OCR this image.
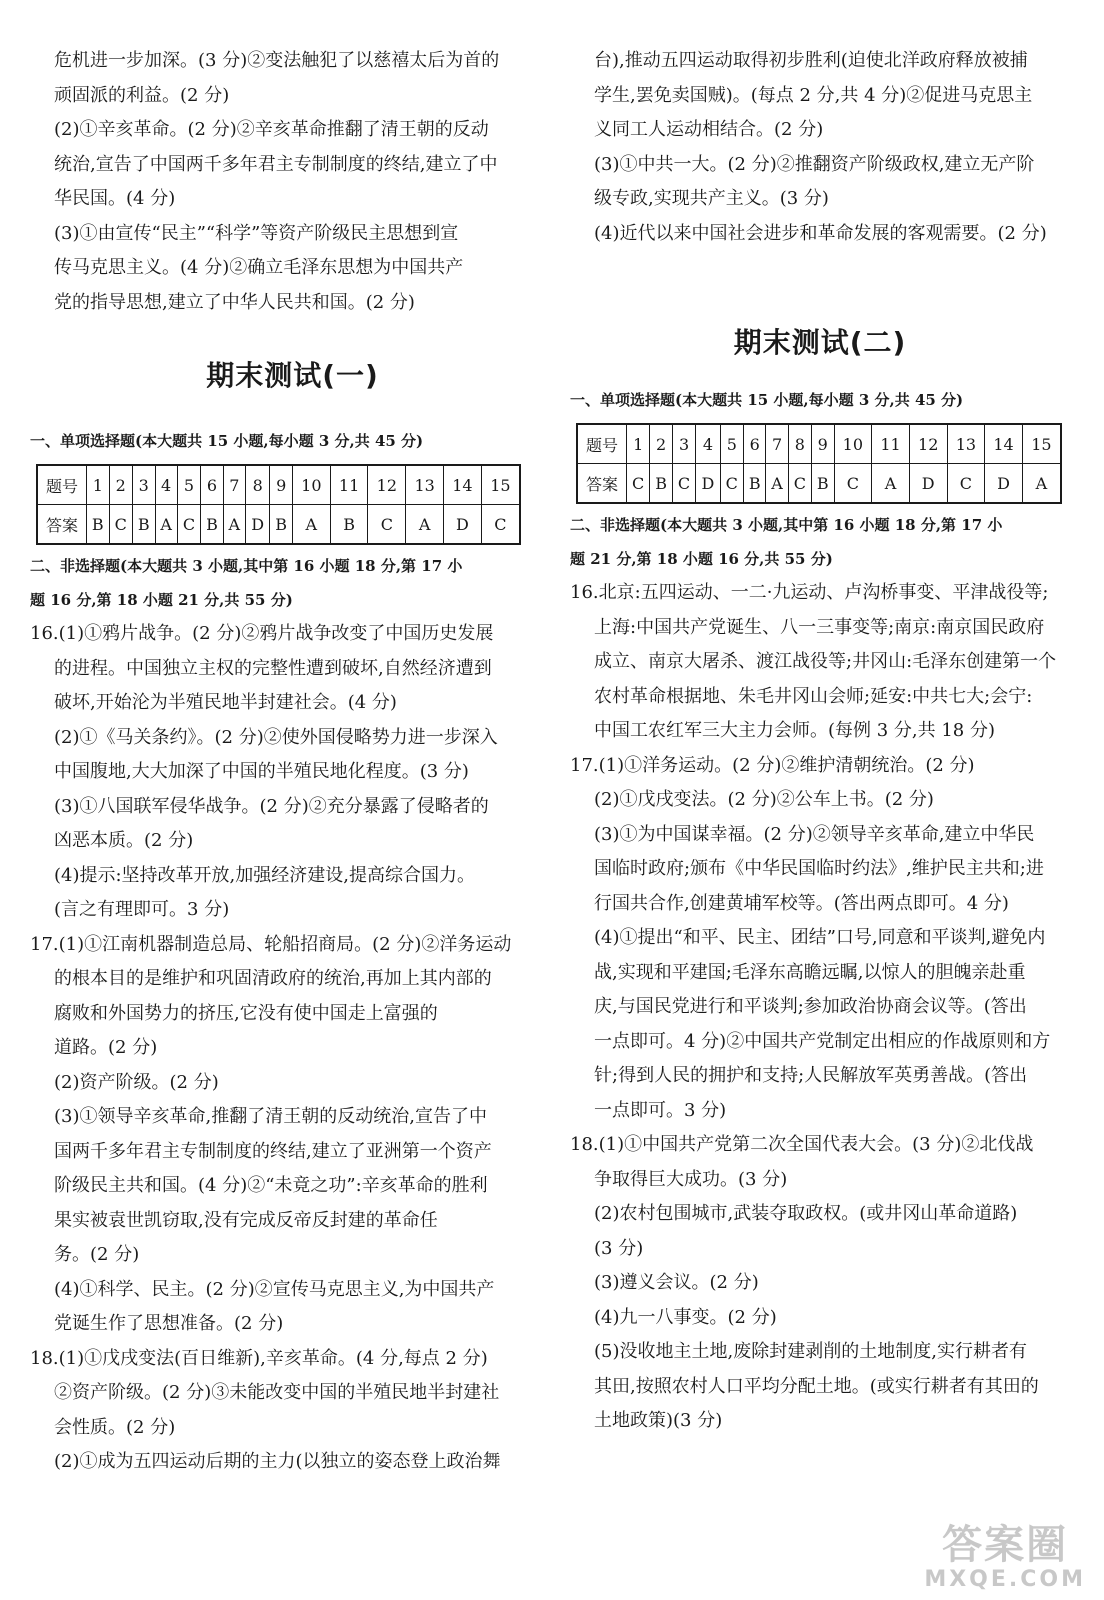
危机进一步加深。(3 分)②变法触犯了以慈禧太后为首的

顽固派的利益。(2 分)

(2)①辛亥革命。(2 分)②辛亥革命推翻了清王朝的反动

统治,宣告了中国两千多年君主专制制度的终结,建立了中

华民国。(4 分)

(3)①由宣传“民主”“科学”等资产阶级民主思想到宣

传马克思主义。(4 分)②确立毛泽东思想为中国共产

党的指导思想,建立了中华人民共和国。(2 分)

期末测试(一)

一、单项选择题(本大题共 15 小题,每小题 3 分,共 45 分)

题号	1	2	3	4	5	6	7	8	9	10	11	12	13	14	15
答案	B	C	B	A	C	B	A	D	B	A	B	C	A	D	C

二、非选择题(本大题共 3 小题,其中第 16 小题 18 分,第 17 小

题 16 分,第 18 小题 21 分,共 55 分)

16.(1)①鸦片战争。(2 分)②鸦片战争改变了中国历史发展

的进程。中国独立主权的完整性遭到破坏,自然经济遭到

破坏,开始沦为半殖民地半封建社会。(4 分)

(2)①《马关条约》。(2 分)②使外国侵略势力进一步深入

中国腹地,大大加深了中国的半殖民地化程度。(3 分)

(3)①八国联军侵华战争。(2 分)②充分暴露了侵略者的

凶恶本质。(2 分)

(4)提示:坚持改革开放,加强经济建设,提高综合国力。

(言之有理即可。3 分)

17.(1)①江南机器制造总局、轮船招商局。(2 分)②洋务运动

的根本目的是维护和巩固清政府的统治,再加上其内部的

腐败和外国势力的挤压,它没有使中国走上富强的

道路。(2 分)

(2)资产阶级。(2 分)

(3)①领导辛亥革命,推翻了清王朝的反动统治,宣告了中

国两千多年君主专制制度的终结,建立了亚洲第一个资产

阶级民主共和国。(4 分)②“未竟之功”:辛亥革命的胜利

果实被袁世凯窃取,没有完成反帝反封建的革命任

务。(2 分)

(4)①科学、民主。(2 分)②宣传马克思主义,为中国共产

党诞生作了思想准备。(2 分)

18.(1)①戊戌变法(百日维新),辛亥革命。(4 分,每点 2 分)

②资产阶级。(2 分)③未能改变中国的半殖民地半封建社

会性质。(2 分)

(2)①成为五四运动后期的主力(以独立的姿态登上政治舞

台),推动五四运动取得初步胜利(迫使北洋政府释放被捕

学生,罢免卖国贼)。(每点 2 分,共 4 分)②促进马克思主

义同工人运动相结合。(2 分)

(3)①中共一大。(2 分)②推翻资产阶级政权,建立无产阶

级专政,实现共产主义。(3 分)

(4)近代以来中国社会进步和革命发展的客观需要。(2 分)

期末测试(二)

一、单项选择题(本大题共 15 小题,每小题 3 分,共 45 分)

题号	1	2	3	4	5	6	7	8	9	10	11	12	13	14	15
答案	C	B	C	D	C	B	A	C	B	C	A	D	C	D	A

二、非选择题(本大题共 3 小题,其中第 16 小题 18 分,第 17 小

题 21 分,第 18 小题 16 分,共 55 分)

16.北京:五四运动、一二·九运动、卢沟桥事变、平津战役等;

上海:中国共产党诞生、八一三事变等;南京:南京国民政府

成立、南京大屠杀、渡江战役等;井冈山:毛泽东创建第一个

农村革命根据地、朱毛井冈山会师;延安:中共七大;会宁:

中国工农红军三大主力会师。(每例 3 分,共 18 分)

17.(1)①洋务运动。(2 分)②维护清朝统治。(2 分)

(2)①戊戌变法。(2 分)②公车上书。(2 分)

(3)①为中国谋幸福。(2 分)②领导辛亥革命,建立中华民

国临时政府;颁布《中华民国临时约法》,维护民主共和;进

行国共合作,创建黄埔军校等。(答出两点即可。4 分)

(4)①提出“和平、民主、团结”口号,同意和平谈判,避免内

战,实现和平建国;毛泽东高瞻远瞩,以惊人的胆魄亲赴重

庆,与国民党进行和平谈判;参加政治协商会议等。(答出

一点即可。4 分)②中国共产党制定出相应的作战原则和方

针;得到人民的拥护和支持;人民解放军英勇善战。(答出

一点即可。3 分)

18.(1)①中国共产党第二次全国代表大会。(3 分)②北伐战

争取得巨大成功。(3 分)

(2)农村包围城市,武装夺取政权。(或井冈山革命道路)

(3 分)

(3)遵义会议。(2 分)

(4)九一八事变。(2 分)

(5)没收地主土地,废除封建剥削的土地制度,实行耕者有

其田,按照农村人口平均分配土地。(或实行耕者有其田的

土地政策)(3 分)

答案圈
MXQE.COM
